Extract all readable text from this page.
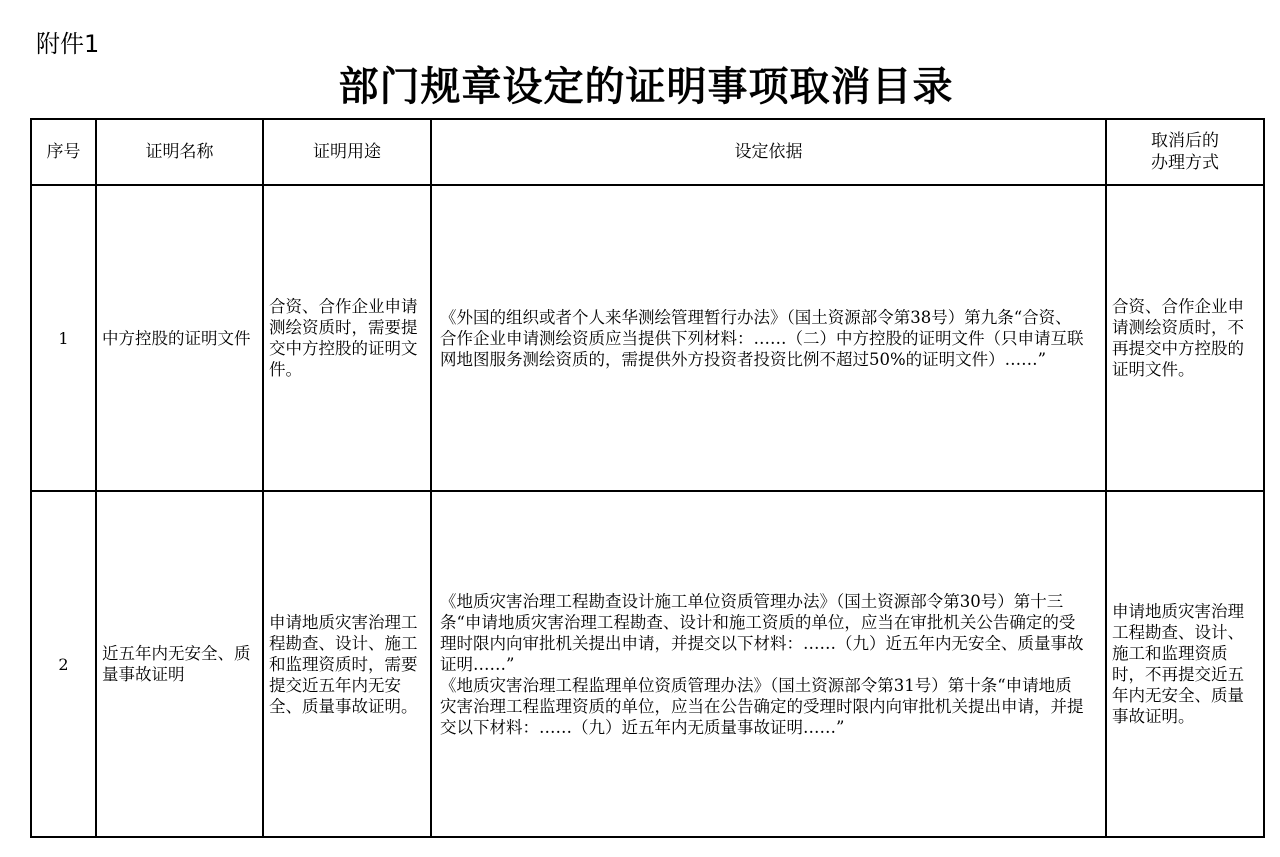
附件1
部门规章设定的证明事项取消目录
序号	证明名称	证明用途	设定依据	取消后的
办理方式

1	中方控股的证明文件	合资、合作企业申请测绘资质时，需要提交中方控股的证明文件。	《外国的组织或者个人来华测绘管理暂行办法》（国土资源部令第38号）第九条“合资、合作企业申请测绘资质应当提供下列材料：……（二）中方控股的证明文件（只申请互联网地图服务测绘资质的，需提供外方投资者投资比例不超过50%的证明文件）……”	合资、合作企业申请测绘资质时，不再提交中方控股的证明文件。

2	近五年内无安全、质量事故证明	申请地质灾害治理工程勘查、设计、施工和监理资质时，需要提交近五年内无安全、质量事故证明。	《地质灾害治理工程勘查设计施工单位资质管理办法》（国土资源部令第30号）第十三条“申请地质灾害治理工程勘查、设计和施工资质的单位，应当在审批机关公告确定的受理时限内向审批机关提出申请，并提交以下材料：……（九）近五年内无安全、质量事故证明……”
《地质灾害治理工程监理单位资质管理办法》（国土资源部令第31号）第十条“申请地质灾害治理工程监理资质的单位，应当在公告确定的受理时限内向审批机关提出申请，并提交以下材料：……（九）近五年内无质量事故证明……”	申请地质灾害治理工程勘查、设计、施工和监理资质时，不再提交近五年内无安全、质量事故证明。
